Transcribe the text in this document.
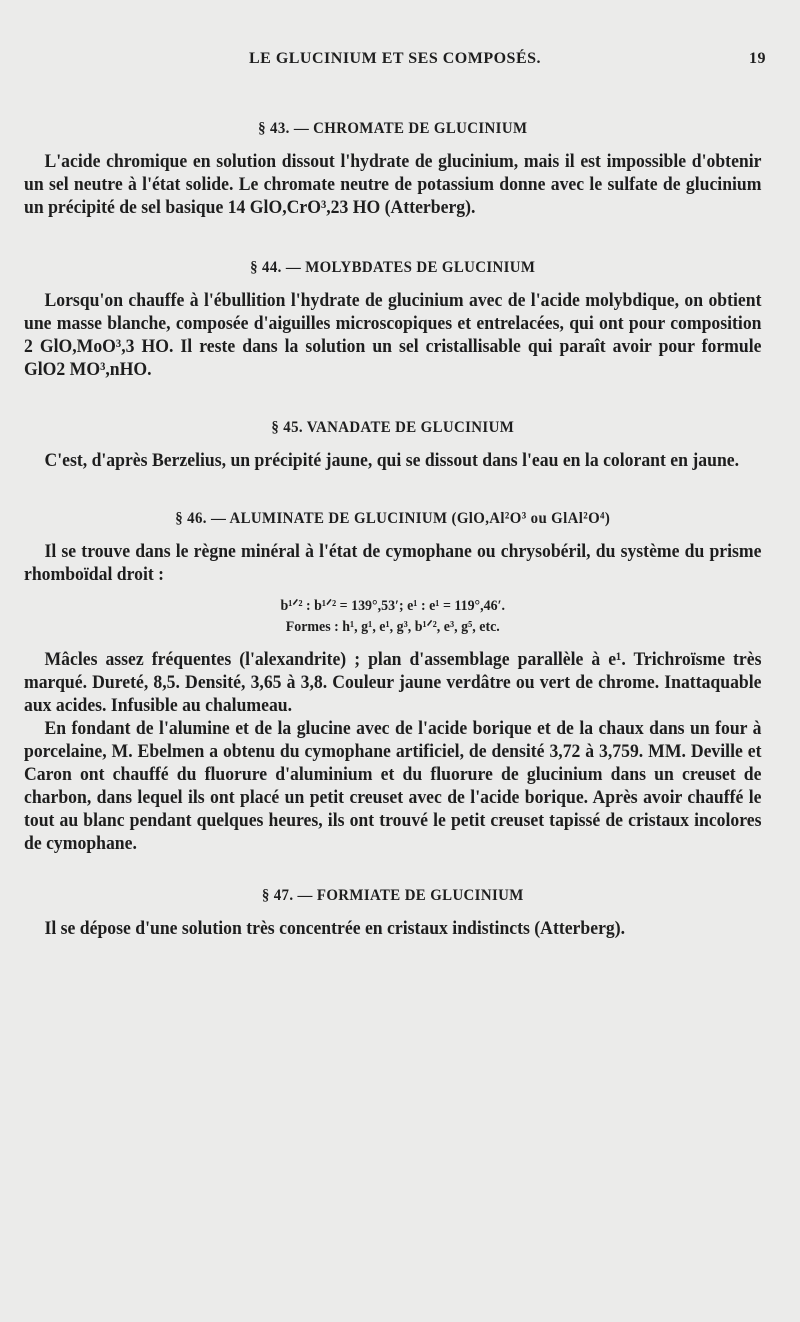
LE GLUCINIUM ET SES COMPOSÉS.	19
§ 43. — CHROMATE DE GLUCINIUM

L'acide chromique en solution dissout l'hydrate de glucinium, mais il est impossible d'obtenir un sel neutre à l'état solide. Le chromate neutre de potassium donne avec le sulfate de glucinium un précipité de sel basique 14 GlO,CrO³,23 HO (Atterberg).

§ 44. — MOLYBDATES DE GLUCINIUM

Lorsqu'on chauffe à l'ébullition l'hydrate de glucinium avec de l'acide molybdique, on obtient une masse blanche, composée d'aiguilles microscopiques et entrelacées, qui ont pour composition 2 GlO,MoO³,3 HO. Il reste dans la solution un sel cristallisable qui paraît avoir pour formule GlO2 MO³,nHO.

§ 45. VANADATE DE GLUCINIUM

C'est, d'après Berzelius, un précipité jaune, qui se dissout dans l'eau en la colorant en jaune.

§ 46. — ALUMINATE DE GLUCINIUM (GlO,Al²O³ ou GlAl²O⁴)

Il se trouve dans le règne minéral à l'état de cymophane ou chrysobéril, du système du prisme rhomboïdal droit :

b¹ᐟ² : b¹ᐟ² = 139°,53′; e¹ : e¹ = 119°,46′.
Formes : h¹, g¹, e¹, g³, b¹ᐟ², e³, g⁵, etc.

Mâcles assez fréquentes (l'alexandrite) ; plan d'assemblage parallèle à e¹. Trichroïsme très marqué. Dureté, 8,5. Densité, 3,65 à 3,8. Couleur jaune verdâtre ou vert de chrome. Inattaquable aux acides. Infusible au chalumeau.

En fondant de l'alumine et de la glucine avec de l'acide borique et de la chaux dans un four à porcelaine, M. Ebelmen a obtenu du cymophane artificiel, de densité 3,72 à 3,759. MM. Deville et Caron ont chauffé du fluorure d'aluminium et du fluorure de glucinium dans un creuset de charbon, dans lequel ils ont placé un petit creuset avec de l'acide borique. Après avoir chauffé le tout au blanc pendant quelques heures, ils ont trouvé le petit creuset tapissé de cristaux incolores de cymophane.

§ 47. — FORMIATE DE GLUCINIUM

Il se dépose d'une solution très concentrée en cristaux indistincts (Atterberg).
